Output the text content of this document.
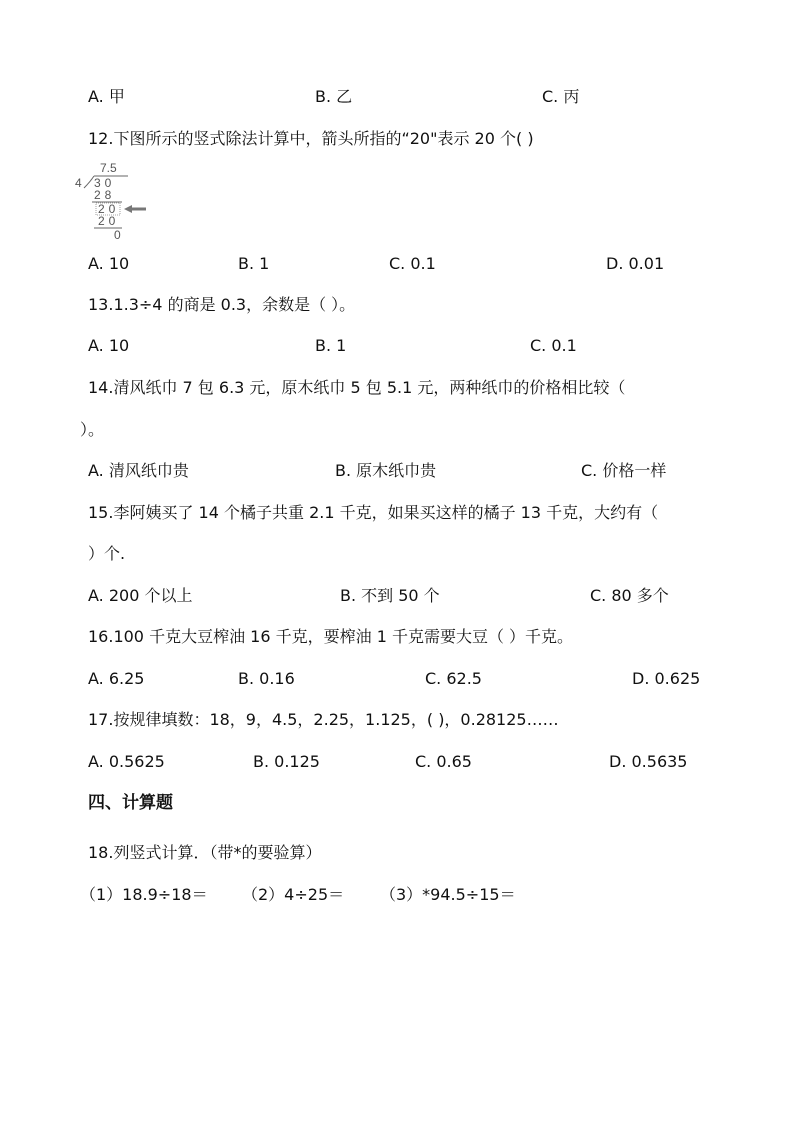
A. 甲	B. 乙	C. 丙
12.下图所示的竖式除法计算中，箭头所指的“20"表示 20 个( )
7.5
4 30
28
20
20
0
A. 10	B. 1	C. 0.1	D. 0.01
13.1.3÷4 的商是 0.3，余数是（ ）。
A. 10	B. 1	C. 0.1
14.清风纸巾 7 包 6.3 元，原木纸巾 5 包 5.1 元，两种纸巾的价格相比较（
）。
A. 清风纸巾贵	B. 原木纸巾贵	C. 价格一样
15.李阿姨买了 14 个橘子共重 2.1 千克，如果买这样的橘子 13 千克，大约有（
）个.
A. 200 个以上	B. 不到 50 个	C. 80 多个
16.100 千克大豆榨油 16 千克，要榨油 1 千克需要大豆（ ）千克。
A. 6.25	B. 0.16	C. 62.5	D. 0.625
17.按规律填数：18，9，4.5，2.25，1.125，( )，0.28125……
A. 0.5625	B. 0.125	C. 0.65	D. 0.5635
四、计算题
18.列竖式计算．（带*的要验算）
（1）18.9÷18＝ （2）4÷25＝ （3）*94.5÷15＝
